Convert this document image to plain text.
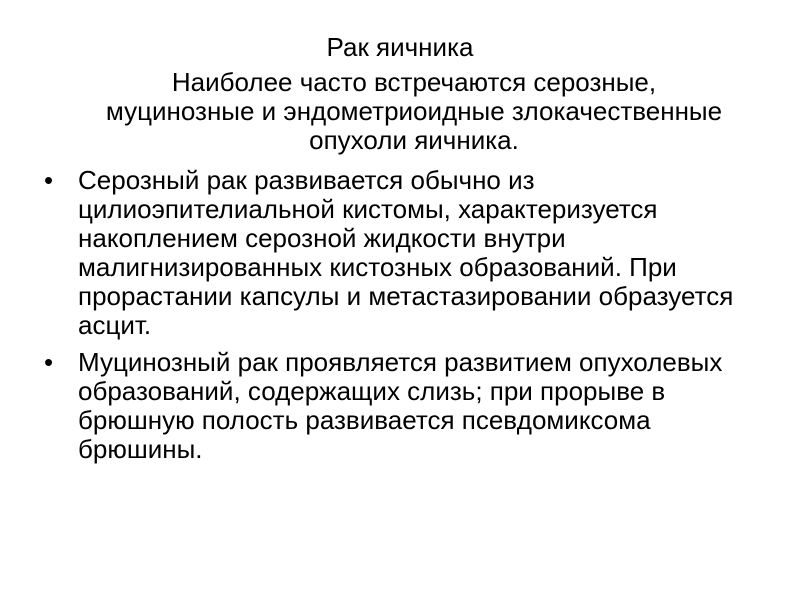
Рак яичника

Наиболее часто встречаются серозные, муцинозные и эндометриоидные злокачественные опухоли яичника.

• Серозный рак развивается обычно из цилиоэпителиальной кистомы, характеризуется накоплением серозной жидкости внутри малигнизированных кистозных образований. При прорастании капсулы и метастазировании образуется асцит.
• Муцинозный рак проявляется развитием опухолевых образований, содержащих слизь; при прорыве в брюшную полость развивается псевдомиксома брюшины.
